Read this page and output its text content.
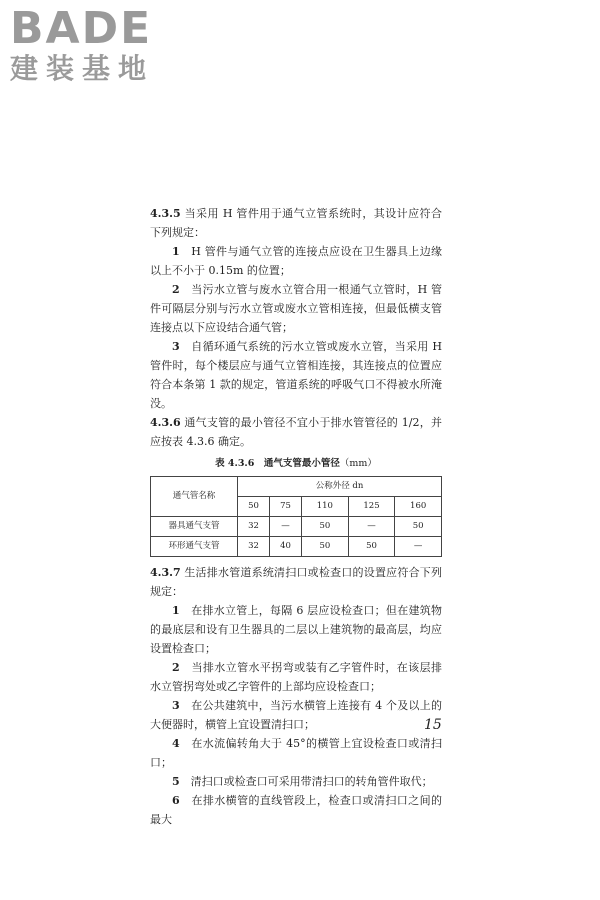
BADE
建装基地

4.3.5 当采用 H 管件用于通气立管系统时，其设计应符合下列规定：

1　 H 管件与通气立管的连接点应设在卫生器具上边缘以上不小于 0.15m 的位置；

2　 当污水立管与废水立管合用一根通气立管时，H 管件可隔层分别与污水立管或废水立管相连接，但最低横支管连接点以下应设结合通气管；

3　 自循环通气系统的污水立管或废水立管，当采用 H 管件时，每个楼层应与通气立管相连接，其连接点的位置应符合本条第 1 款的规定，管道系统的呼吸气口不得被水所淹没。

4.3.6 通气支管的最小管径不宜小于排水管管径的 1/2，并应按表 4.3.6 确定。

表 4.3.6　通气支管最小管径（mm）
通气管名称	公称外径 dn				
	50	75	110	125	160
器具通气支管	32	—	50	—	50
环形通气支管	32	40	50	50	—

4.3.7 生活排水管道系统清扫口或检查口的设置应符合下列规定：

1　 在排水立管上，每隔 6 层应设检查口；但在建筑物的最底层和设有卫生器具的二层以上建筑物的最高层，均应设置检查口；

2　 当排水立管水平拐弯或装有乙字管件时，在该层排水立管拐弯处或乙字管件的上部均应设检查口；

3　 在公共建筑中，当污水横管上连接有 4 个及以上的大便器时，横管上宜设置清扫口；

4　 在水流偏转角大于 45°的横管上宜设检查口或清扫口；

5　 清扫口或检查口可采用带清扫口的转角管件取代；

6　 在排水横管的直线管段上，检查口或清扫口之间的最大

15
